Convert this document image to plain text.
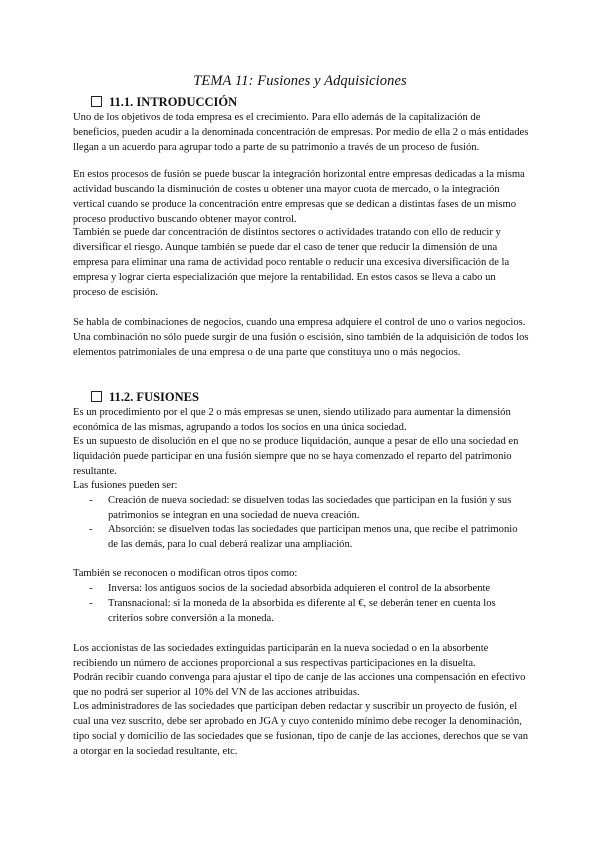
TEMA 11: Fusiones y Adquisiciones
11.1. INTRODUCCIÓN

Uno de los objetivos de toda empresa es el crecimiento. Para ello además de la capitalización de beneficios, pueden acudir a la denominada concentración de empresas. Por medio de ella 2 o más entidades llegan a un acuerdo para agrupar todo a parte de su patrimonio a través de un proceso de fusión.

En estos procesos de fusión se puede buscar la integración horizontal entre empresas dedicadas a la misma actividad buscando la disminución de costes u obtener una mayor cuota de mercado, o la integración vertical cuando se produce la concentración entre empresas que se dedican a distintas fases de un mismo proceso productivo buscando obtener mayor control.

También se puede dar concentración de distintos sectores o actividades tratando con ello de reducir y diversificar el riesgo. Aunque también se puede dar el caso de tener que reducir la dimensión de una empresa para eliminar una rama de actividad poco rentable o reducir una excesiva diversificación de la empresa y lograr cierta especialización que mejore la rentabilidad. En estos casos se lleva a cabo un proceso de escisión.

Se habla de combinaciones de negocios, cuando una empresa adquiere el control de uno o varios negocios. Una combinación no sólo puede surgir de una fusión o escisión, sino también de la adquisición de todos los elementos patrimoniales de una empresa o de una parte que constituya uno o más negocios.

11.2. FUSIONES

Es un procedimiento por el que 2 o más empresas se unen, siendo utilizado para aumentar la dimensión económica de las mismas, agrupando a todos los socios en una única sociedad.

Es un supuesto de disolución en el que no se produce liquidación, aunque a pesar de ello una sociedad en liquidación puede participar en una fusión siempre que no se haya comenzado el reparto del patrimonio resultante.

Las fusiones pueden ser:

- Creación de nueva sociedad: se disuelven todas las sociedades que participan en la fusión y sus patrimonios se integran en una sociedad de nueva creación.
- Absorción: se disuelven todas las sociedades que participan menos una, que recibe el patrimonio de las demás, para lo cual deberá realizar una ampliación.

También se reconocen o modifican otros tipos como:

- Inversa: los antiguos socios de la sociedad absorbida adquieren el control de la absorbente
- Transnacional: si la moneda de la absorbida es diferente al €, se deberán tener en cuenta los criterios sobre conversión a la moneda.

Los accionistas de las sociedades extinguidas participarán en la nueva sociedad o en la absorbente recibiendo un número de acciones proporcional a sus respectivas participaciones en la disuelta.

Podrán recibir cuando convenga para ajustar el tipo de canje de las acciones una compensación en efectivo que no podrá ser superior al 10% del VN de las acciones atribuidas.

Los administradores de las sociedades que participan deben redactar y suscribir un proyecto de fusión, el cual una vez suscrito, debe ser aprobado en JGA y cuyo contenido mínimo debe recoger la denominación, tipo social y domicilio de las sociedades que se fusionan, tipo de canje de las acciones, derechos que se van a otorgar en la sociedad resultante, etc.
